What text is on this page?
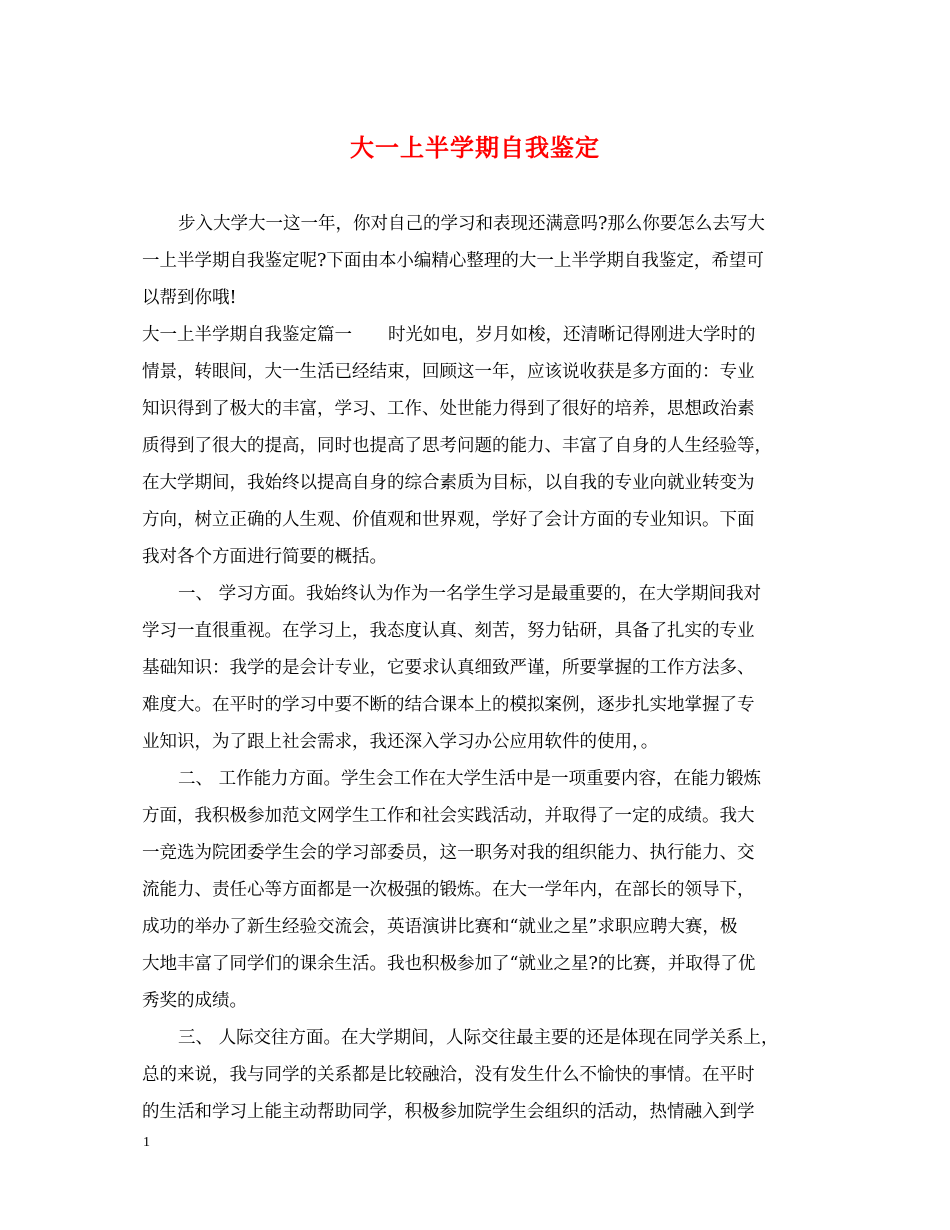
大一上半学期自我鉴定
步入大学大一这一年，你对自己的学习和表现还满意吗?那么你要怎么去写大
一上半学期自我鉴定呢?下面由本小编精心整理的大一上半学期自我鉴定，希望可
以帮到你哦!
大一上半学期自我鉴定篇一 时光如电，岁月如梭，还清晰记得刚进大学时的
情景，转眼间，大一生活已经结束，回顾这一年，应该说收获是多方面的：专业
知识得到了极大的丰富，学习、工作、处世能力得到了很好的培养，思想政治素
质得到了很大的提高，同时也提高了思考问题的能力、丰富了自身的人生经验等，
在大学期间，我始终以提高自身的综合素质为目标，以自我的专业向就业转变为
方向，树立正确的人生观、价值观和世界观，学好了会计方面的专业知识。下面
我对各个方面进行简要的概括。
一、 学习方面。我始终认为作为一名学生学习是最重要的，在大学期间我对
学习一直很重视。在学习上，我态度认真、刻苦，努力钻研，具备了扎实的专业
基础知识：我学的是会计专业，它要求认真细致严谨，所要掌握的工作方法多、
难度大。在平时的学习中要不断的结合课本上的模拟案例，逐步扎实地掌握了专
业知识，为了跟上社会需求，我还深入学习办公应用软件的使用，。
二、 工作能力方面。学生会工作在大学生活中是一项重要内容，在能力锻炼
方面，我积极参加范文网学生工作和社会实践活动，并取得了一定的成绩。我大
一竞选为院团委学生会的学习部委员，这一职务对我的组织能力、执行能力、交
流能力、责任心等方面都是一次极强的锻炼。在大一学年内，在部长的领导下，
成功的举办了新生经验交流会，英语演讲比赛和“就业之星”求职应聘大赛，极
大地丰富了同学们的课余生活。我也积极参加了“就业之星?的比赛，并取得了优
秀奖的成绩。
三、 人际交往方面。在大学期间，人际交往最主要的还是体现在同学关系上，
总的来说，我与同学的关系都是比较融洽，没有发生什么不愉快的事情。在平时
的生活和学习上能主动帮助同学，积极参加院学生会组织的活动，热情融入到学
1
